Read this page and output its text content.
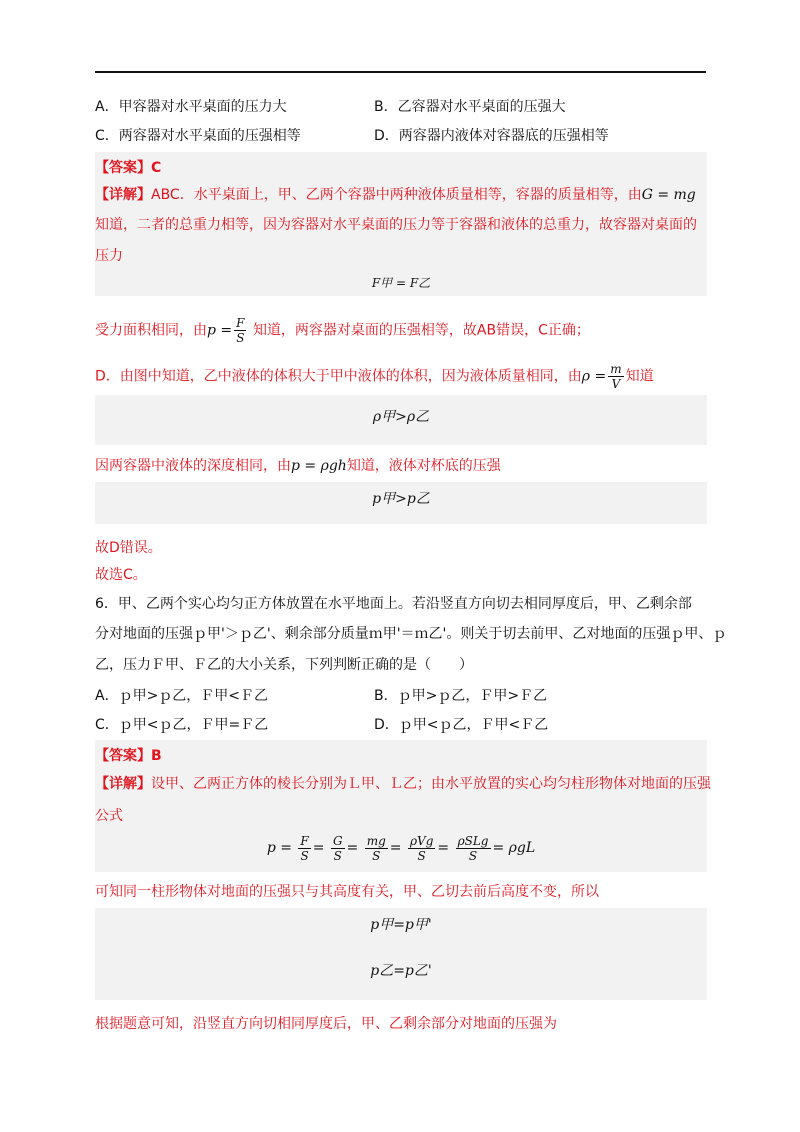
A．甲容器对水平桌面的压力大	B．乙容器对水平桌面的压强大
C．两容器对水平桌面的压强相等	D．两容器内液体对容器底的压强相等
【答案】C
【详解】ABC．水平桌面上，甲、乙两个容器中两种液体质量相等，容器的质量相等，由G = mg
知道，二者的总重力相等，因为容器对水平桌面的压力等于容器和液体的总重力，故容器对桌面的
压力
F甲 = F乙
受力面积相同，由$p = \frac{F}{S}$ 知道，两容器对桌面的压强相等，故AB错误，C正确；
D．由图中知道，乙中液体的体积大于甲中液体的体积，因为液体质量相同，由$\rho = \frac{m}{V}$ 知道
ρ甲>ρ乙
因两容器中液体的深度相同，由p = ρgh知道，液体对杯底的压强
p甲>p乙
故D错误。
故选C。
6．甲、乙两个实心均匀正方体放置在水平地面上。若沿竖直方向切去相同厚度后，甲、乙剩余部
分对地面的压强ｐ甲'＞ｐ乙'、剩余部分质量ｍ甲'＝ｍ乙'。则关于切去前甲、乙对地面的压强ｐ甲、ｐ
乙，压力Ｆ甲、Ｆ乙的大小关系，下列判断正确的是（　　）
A．ｐ甲>ｐ乙，Ｆ甲<Ｆ乙	B．ｐ甲>ｐ乙，Ｆ甲>Ｆ乙
C．ｐ甲<ｐ乙，Ｆ甲=Ｆ乙	D．ｐ甲<ｐ乙，Ｆ甲<Ｆ乙
【答案】B
【详解】设甲、乙两正方体的棱长分别为Ｌ甲、Ｌ乙；由水平放置的实心均匀柱形物体对地面的压强
公式
$p = \frac{F}{S} = \frac{G}{S} = \frac{mg}{S} = \frac{\text{ρVg}}{S} = \frac{\text{ρSLg}}{S} = \rho gL$
可知同一柱形物体对地面的压强只与其高度有关，甲、乙切去前后高度不变，所以
p甲=p甲'
p乙=p乙'
根据题意可知，沿竖直方向切相同厚度后，甲、乙剩余部分对地面的压强为
